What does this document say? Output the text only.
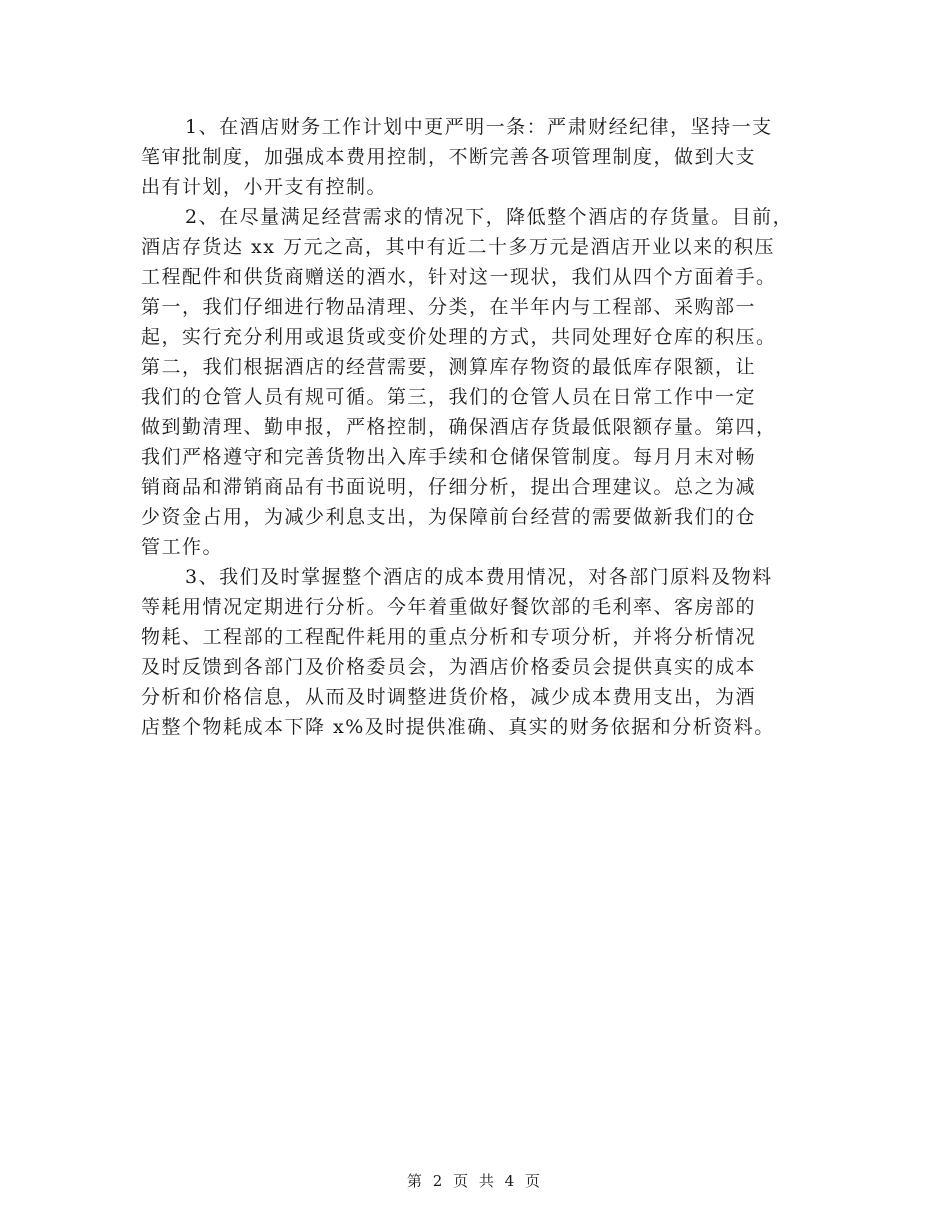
1、在酒店财务工作计划中更严明一条：严肃财经纪律，坚持一支
笔审批制度，加强成本费用控制，不断完善各项管理制度，做到大支
出有计划，小开支有控制。
2、在尽量满足经营需求的情况下，降低整个酒店的存货量。目前，
酒店存货达 xx 万元之高，其中有近二十多万元是酒店开业以来的积压
工程配件和供货商赠送的酒水，针对这一现状，我们从四个方面着手。
第一，我们仔细进行物品清理、分类，在半年内与工程部、采购部一
起，实行充分利用或退货或变价处理的方式，共同处理好仓库的积压。
第二，我们根据酒店的经营需要，测算库存物资的最低库存限额，让
我们的仓管人员有规可循。第三，我们的仓管人员在日常工作中一定
做到勤清理、勤申报，严格控制，确保酒店存货最低限额存量。第四，
我们严格遵守和完善货物出入库手续和仓储保管制度。每月月末对畅
销商品和滞销商品有书面说明，仔细分析，提出合理建议。总之为减
少资金占用，为减少利息支出，为保障前台经营的需要做新我们的仓
管工作。
3、我们及时掌握整个酒店的成本费用情况，对各部门原料及物料
等耗用情况定期进行分析。今年着重做好餐饮部的毛利率、客房部的
物耗、工程部的工程配件耗用的重点分析和专项分析，并将分析情况
及时反馈到各部门及价格委员会，为酒店价格委员会提供真实的成本
分析和价格信息，从而及时调整进货价格，减少成本费用支出，为酒
店整个物耗成本下降 x%及时提供准确、真实的财务依据和分析资料。
第 2 页 共 4 页
